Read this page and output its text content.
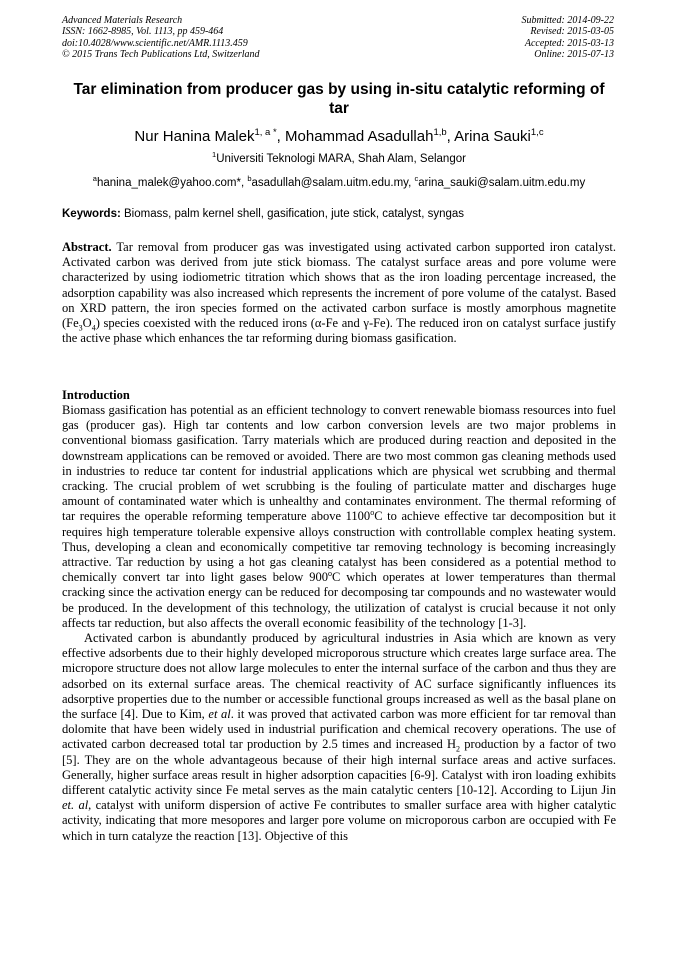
Advanced Materials Research
ISSN: 1662-8985, Vol. 1113, pp 459-464
doi:10.4028/www.scientific.net/AMR.1113.459
© 2015 Trans Tech Publications Ltd, Switzerland
Submitted: 2014-09-22
Revised: 2015-03-05
Accepted: 2015-03-13
Online: 2015-07-13
Tar elimination from producer gas by using in-situ catalytic reforming of tar
Nur Hanina Malek$^{1, a *}$, Mohammad Asadullah$^{1,b}$, Arina Sauki$^{1,c}$
$^1$Universiti Teknologi MARA, Shah Alam, Selangor
$^a$hanina_malek@yahoo.com*, $^b$asadullah@salam.uitm.edu.my, $^c$arina_sauki@salam.uitm.edu.my
Keywords: Biomass, palm kernel shell, gasification, jute stick, catalyst, syngas
Abstract. Tar removal from producer gas was investigated using activated carbon supported iron catalyst. Activated carbon was derived from jute stick biomass. The catalyst surface areas and pore volume were characterized by using iodiometric titration which shows that as the iron loading percentage increased, the adsorption capability was also increased which represents the increment of pore volume of the catalyst. Based on XRD pattern, the iron species formed on the activated carbon surface is mostly amorphous magnetite $(Fe_3O_4)$ species coexisted with the reduced irons (α-Fe and γ-Fe). The reduced iron on catalyst surface justify the active phase which enhances the tar reforming during biomass gasification.
Introduction

Biomass gasification has potential as an efficient technology to convert renewable biomass resources into fuel gas (producer gas). High tar contents and low carbon conversion levels are two major problems in conventional biomass gasification. Tarry materials which are produced during reaction and deposited in the downstream applications can be removed or avoided. There are two most common gas cleaning methods used in industries to reduce tar content for industrial applications which are physical wet scrubbing and thermal cracking. The crucial problem of wet scrubbing is the fouling of particulate matter and discharges huge amount of contaminated water which is unhealthy and contaminates environment. The thermal reforming of tar requires the operable reforming temperature above 1100$^o$C to achieve effective tar decomposition but it requires high temperature tolerable expensive alloys construction with controllable complex heating system. Thus, developing a clean and economically competitive tar removing technology is becoming increasingly attractive. Tar reduction by using a hot gas cleaning catalyst has been considered as a potential method to chemically convert tar into light gases below 900$^o$C which operates at lower temperatures than thermal cracking since the activation energy can be reduced for decomposing tar compounds and no wastewater would be produced. In the development of this technology, the utilization of catalyst is crucial because it not only affects tar reduction, but also affects the overall economic feasibility of the technology [1-3].

Activated carbon is abundantly produced by agricultural industries in Asia which are known as very effective adsorbents due to their highly developed microporous structure which creates large surface area. The micropore structure does not allow large molecules to enter the internal surface of the carbon and thus they are adsorbed on its external surface areas. The chemical reactivity of AC surface significantly influences its adsorptive properties due to the number or accessible functional groups increased as well as the basal plane on the surface [4]. Due to Kim, et al. it was proved that activated carbon was more efficient for tar removal than dolomite that have been widely used in industrial purification and chemical recovery operations. The use of activated carbon decreased total tar production by 2.5 times and increased $H_2$ production by a factor of two [5]. They are on the whole advantageous because of their high internal surface areas and active surfaces. Generally, higher surface areas result in higher adsorption capacities [6-9]. Catalyst with iron loading exhibits different catalytic activity since Fe metal serves as the main catalytic centers [10-12]. According to Lijun Jin et. al, catalyst with uniform dispersion of active Fe contributes to smaller surface area with higher catalytic activity, indicating that more mesopores and larger pore volume on microporous carbon are occupied with Fe which in turn catalyze the reaction [13]. Objective of this
